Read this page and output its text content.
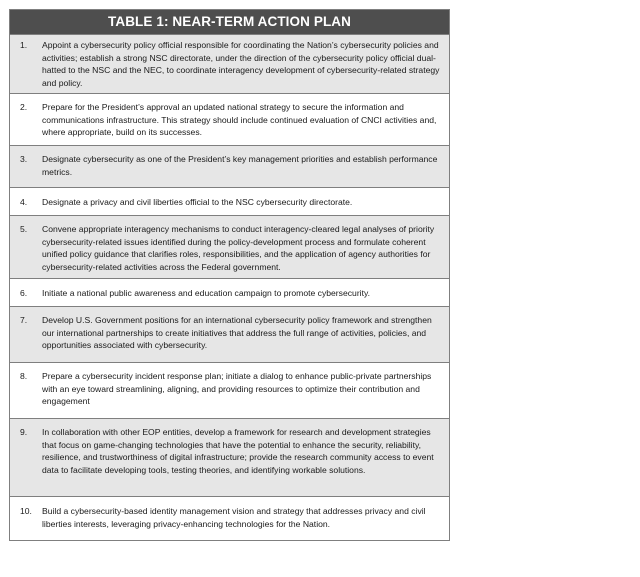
TABLE 1: NEAR-TERM ACTION PLAN
1.	Appoint a cybersecurity policy official responsible for coordinating the Nation’s cybersecurity policies and activities; establish a strong NSC directorate, under the direction of the cybersecurity policy official dual-hatted to the NSC and the NEC, to coordinate interagency development of cybersecurity-related strategy and policy.
2.	Prepare for the President’s approval an updated national strategy to secure the information and communications infrastructure. This strategy should include continued evaluation of CNCI activities and, where appropriate, build on its successes.
3.	Designate cybersecurity as one of the President’s key management priorities and establish performance metrics.
4.	Designate a privacy and civil liberties official to the NSC cybersecurity directorate.
5.	Convene appropriate interagency mechanisms to conduct interagency-cleared legal analyses of priority cybersecurity-related issues identified during the policy-development process and formulate coherent unified policy guidance that clarifies roles, responsibilities, and the application of agency authorities for cybersecurity-related activities across the Federal government.
6.	Initiate a national public awareness and education campaign to promote cybersecurity.
7.	Develop U.S. Government positions for an international cybersecurity policy framework and strengthen our international partnerships to create initiatives that address the full range of activities, policies, and opportunities associated with cybersecurity.
8.	Prepare a cybersecurity incident response plan; initiate a dialog to enhance public-private partnerships with an eye toward streamlining, aligning, and providing resources to optimize their contribution and engagement
9.	In collaboration with other EOP entities, develop a framework for research and development strategies that focus on game-changing technologies that have the potential to enhance the security, reliability, resilience, and trustworthiness of digital infrastructure; provide the research community access to event data to facilitate developing tools, testing theories, and identifying workable solutions.
10.	Build a cybersecurity-based identity management vision and strategy that addresses privacy and civil liberties interests, leveraging privacy-enhancing technologies for the Nation.
